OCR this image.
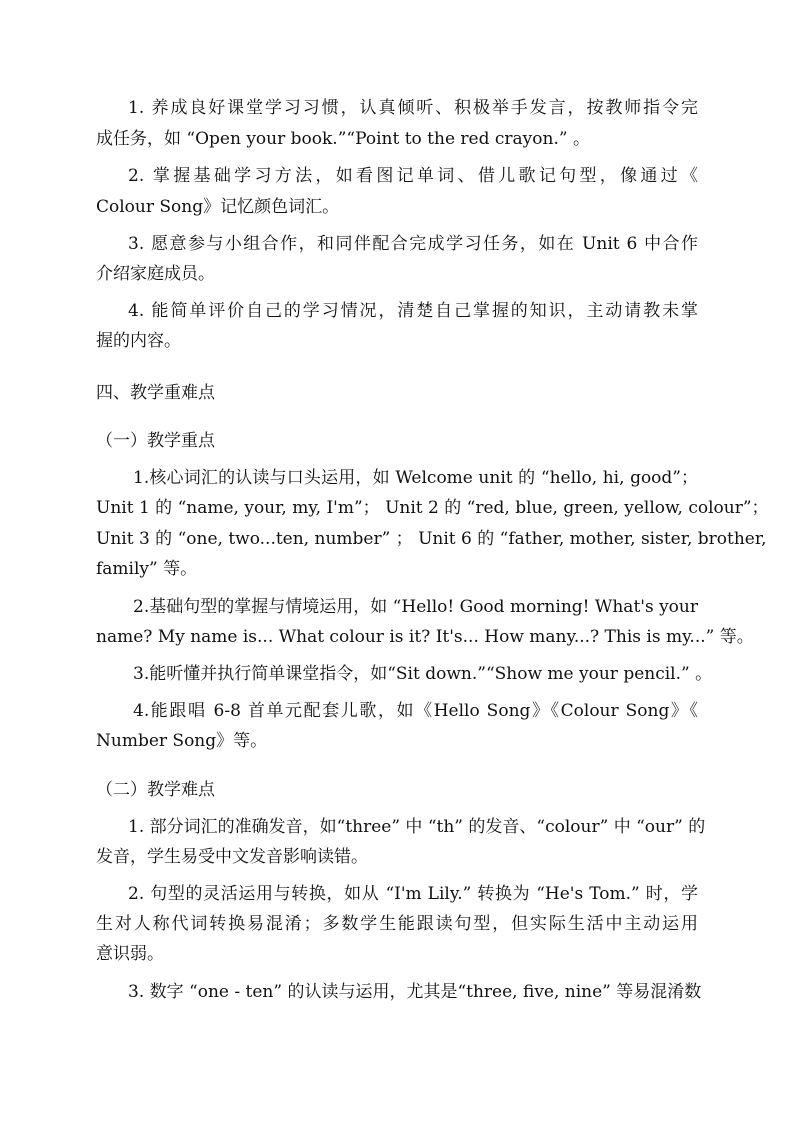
1. 养成良好课堂学习习惯，认真倾听、积极举手发言，按教师指令完
成任务，如 “Open your book.”“Point to the red crayon.” 。
2. 掌握基础学习方法，如看图记单词、借儿歌记句型，像通过《
Colour Song》记忆颜色词汇。
3. 愿意参与小组合作，和同伴配合完成学习任务，如在 Unit 6 中合作
介绍家庭成员。
4. 能简单评价自己的学习情况，清楚自己掌握的知识，主动请教未掌
握的内容。
四、教学重难点
（一）教学重点
1.核心词汇的认读与口头运用，如 Welcome unit 的 “hello, hi, good”；
Unit 1 的 “name, your, my, I'm”； Unit 2 的 “red, blue, green, yellow, colour”；
Unit 3 的 “one, two...ten, number” ； Unit 6 的 “father, mother, sister, brother,
family” 等。
2.基础句型的掌握与情境运用，如 “Hello! Good morning! What's your
name? My name is... What colour is it? It's... How many...? This is my...” 等。
3.能听懂并执行简单课堂指令，如“Sit down.”“Show me your pencil.” 。
4.能跟唱 6-8 首单元配套儿歌，如《Hello Song》《Colour Song》《
Number Song》等。
（二）教学难点
1. 部分词汇的准确发音，如“three” 中 “th” 的发音、“colour” 中 “our” 的
发音，学生易受中文发音影响读错。
2. 句型的灵活运用与转换，如从 “I'm Lily.” 转换为 “He's Tom.” 时，学
生对人称代词转换易混淆；多数学生能跟读句型，但实际生活中主动运用
意识弱。
3. 数字 “one - ten” 的认读与运用，尤其是“three, five, nine” 等易混淆数
